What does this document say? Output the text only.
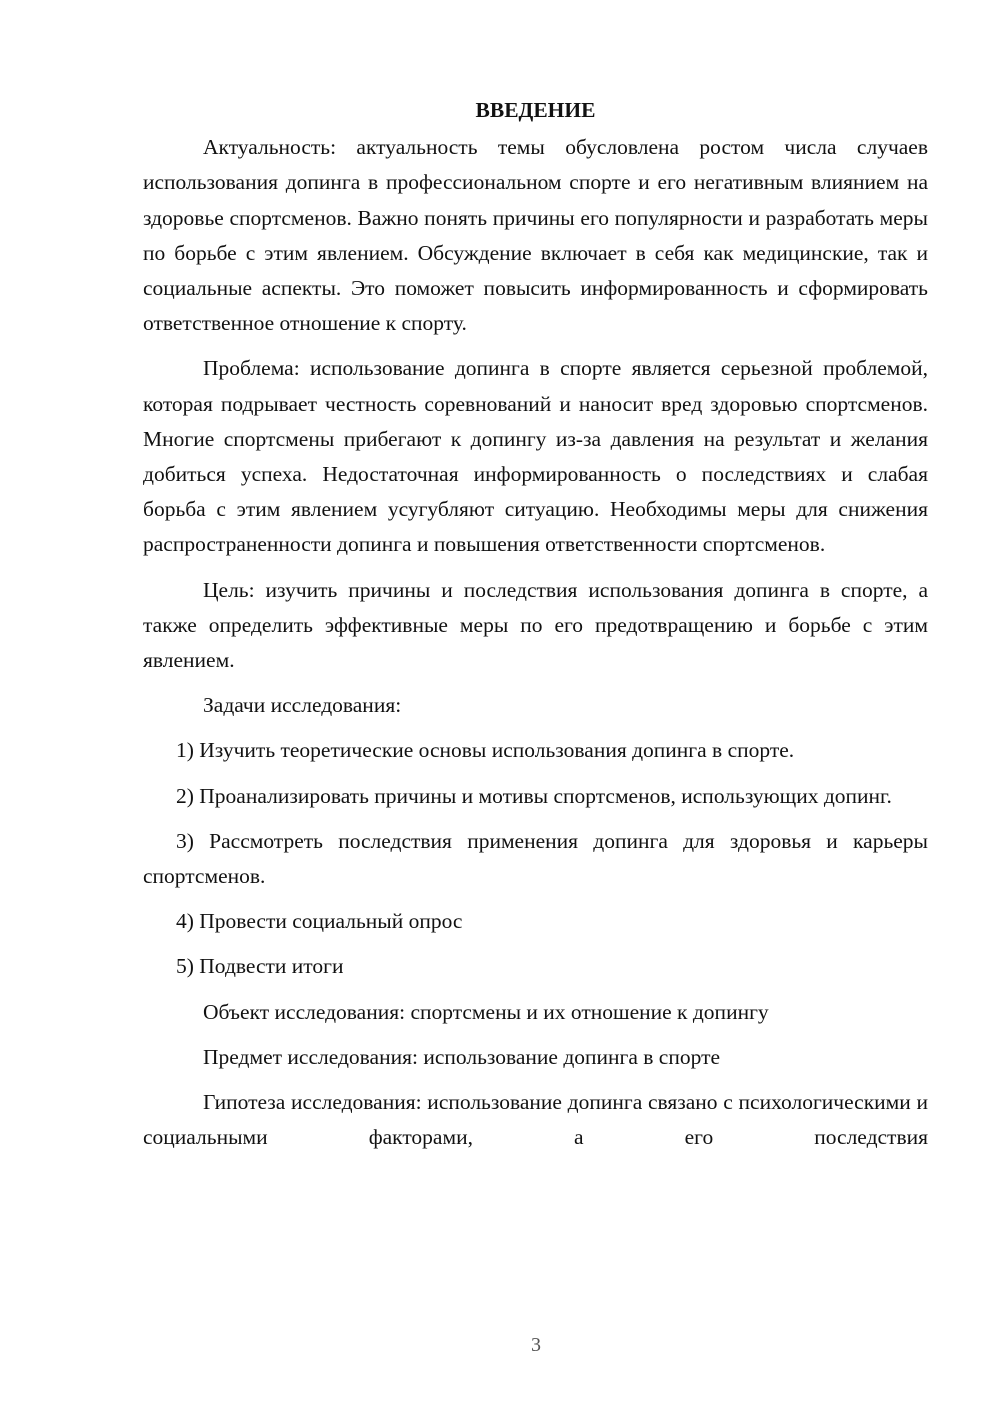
ВВЕДЕНИЕ

Актуальность: актуальность темы обусловлена ростом числа случаев использования допинга в профессиональном спорте и его негативным влиянием на здоровье спортсменов. Важно понять причины его популярности и разработать меры по борьбе с этим явлением. Обсуждение включает в себя как медицинские, так и социальные аспекты. Это поможет повысить информированность и сформировать ответственное отношение к спорту.

Проблема: использование допинга в спорте является серьезной проблемой, которая подрывает честность соревнований и наносит вред здоровью спортсменов. Многие спортсмены прибегают к допингу из-за давления на результат и желания добиться успеха. Недостаточная информированность о последствиях и слабая борьба с этим явлением усугубляют ситуацию. Необходимы меры для снижения распространенности допинга и повышения ответственности спортсменов.

Цель: изучить причины и последствия использования допинга в спорте, а также определить эффективные меры по его предотвращению и борьбе с этим явлением.

Задачи исследования:

1) Изучить теоретические основы использования допинга в спорте.

2) Проанализировать причины и мотивы спортсменов, использующих допинг.

3) Рассмотреть последствия применения допинга для здоровья и карьеры спортсменов.

4) Провести социальный опрос

5) Подвести итоги

Объект исследования: спортсмены и их отношение к допингу

Предмет исследования: использование допинга в спорте

Гипотеза исследования: использование допинга связано с психологическими и социальными факторами, а его последствия

3
